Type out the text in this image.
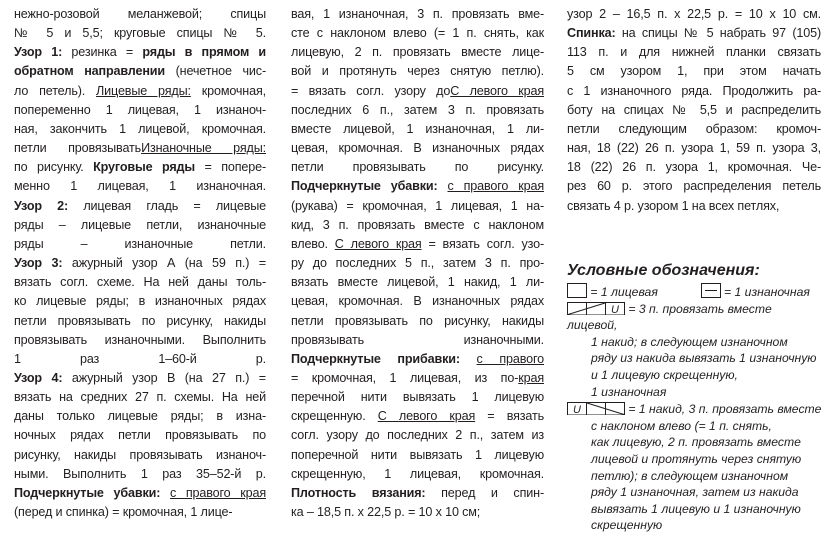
нежно-розовой меланжевой; спицы

№ 5 и 5,5; круговые спицы № 5.

Узор 1: резинка = ряды в прямом и

обратном направлении (нечетное чис-

ло петель). Лицевые ряды: кромочная,

попеременно 1 лицевая, 1 изнаноч-

ная, закончить 1 лицевой, кромочная.

петли провязыватьИзнаночные ряды:

по рисунку. Круговые ряды = попере-

менно 1 лицевая, 1 изнаночная.

Узор 2: лицевая гладь = лицевые

ряды – лицевые петли, изнаночные

ряды – изнаночные петли.

Узор 3: ажурный узор А (на 59 п.) =

вязать согл. схеме. На ней даны толь-

ко лицевые ряды; в изнаночных рядах

петли провязывать по рисунку, накиды

провязывать изнаночными. Выполнить

1 раз 1–60-й р.

Узор 4: ажурный узор В (на 27 п.) =

вязать на средних 27 п. схемы. На ней

даны только лицевые ряды; в изна-

ночных рядах петли провязывать по

рисунку, накиды провязывать изнаноч-

ными. Выполнить 1 раз 35–52-й р.

Подчеркнутые убавки: с правого края

(перед и спинка) = кромочная, 1 лице-

вая, 1 изнаночная, 3 п. провязать вме-

сте с наклоном влево (= 1 п. снять, как

лицевую, 2 п. провязать вместе лице-

вой и протянуть через снятую петлю).

= вязать согл. узору доС левого края

последних 6 п., затем 3 п. провязать

вместе лицевой, 1 изнаночная, 1 ли-

цевая, кромочная. В изнаночных рядах

петли провязывать по рисунку.

Подчеркнутые убавки: с правого края

(рукава) = кромочная, 1 лицевая, 1 на-

кид, 3 п. провязать вместе с наклоном

влево. С левого края = вязать согл. узо-

ру до последних 5 п., затем 3 п. про-

вязать вместе лицевой, 1 накид, 1 ли-

цевая, кромочная. В изнаночных рядах

петли провязывать по рисунку, накиды

провязывать изнаночными.

Подчеркнутые прибавки: с правого

= кромочная, 1 лицевая, из по-края

перечной нити вывязать 1 лицевую

скрещенную. С левого края = вязать

согл. узору до последних 2 п., затем из

поперечной нити вывязать 1 лицевую

скрещенную, 1 лицевая, кромочная.

Плотность вязания: перед и спин-

ка – 18,5 п. х 22,5 р. = 10 х 10 см;

узор 2 – 16,5 п. х 22,5 р. = 10 х 10 см.

Спинка: на спицы № 5 набрать 97 (105)

113 п. и для нижней планки связать

5 см узором 1, при этом начать

с 1 изнаночного ряда. Продолжить ра-

боту на спицах № 5,5 и распределить

петли следующим образом: кромоч-

ная, 18 (22) 26 п. узора 1, 59 п. узора 3,

18 (22) 26 п. узора 1, кромочная. Че-

рез 60 р. этого распределения петель

связать 4 р. узором 1 на всех петлях,

Условные обозначения:

= 1 лицевая	= 1 изнаночная
U = 3 п. провязать вместе лицевой,
1 накид; в следующем изнаночном
ряду из накида вывязать 1 изнаночную
и 1 лицевую скрещенную,
1 изнаночная
U	= 1 накид, 3 п. провязать вместе
с наклоном влево (= 1 п. снять,
как лицевую, 2 п. провязать вместе
лицевой и протянуть через снятую
петлю); в следующем изнаночном
ряду 1 изнаночная, затем из накида
вывязать 1 лицевую и 1 изнаночную
скрещенную
